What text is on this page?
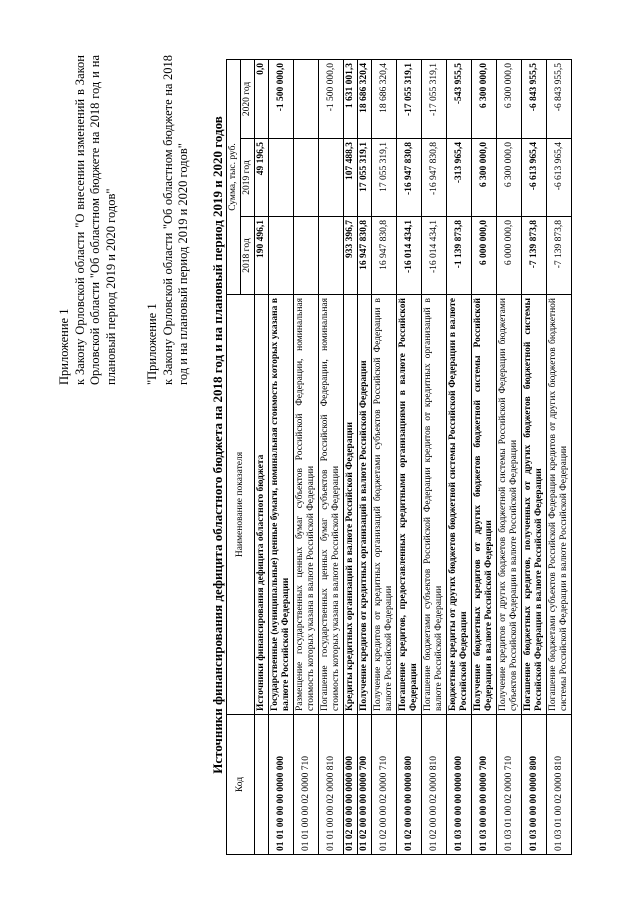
Приложение 1 к Закону Орловской области "О внесении изменений в Закон Орловской области "Об областном бюджете на 2018 год и на плановый период 2019 и 2020 годов" "Приложение 1 к Закону Орловской области "Об областном бюджете на 2018 год и на плановый период 2019 и 2020 годов" Источники финансирования дефицита областного бюджета на 2018 год и на плановый период 2019 и 2020 годов
Код	Наименование показателя	Сумма, тыс. руб.		
		2018 год	2019 год	2020 год
	Источники финансирования дефицита областного бюджета	190 496,1	49 196,5	0,0
01 01 00 00 00 0000 000	Государственные (муниципальные) ценные бумаги, номинальная стоимость которых указана в валюте Российской Федерации			-1 500 000,0
01 01 00 00 02 0000 710	Размещение государственных ценных бумаг субъектов Российской Федерации, номинальная стоимость которых указана в валюте Российской Федерации			
01 01 00 00 02 0000 810	Погашение государственных ценных бумаг субъектов Российской Федерации, номинальная стоимость которых указана в валюте Российской Федерации			-1 500 000,0
01 02 00 00 00 0000 000	Кредиты кредитных организаций в валюте Российской Федерации	933 396,7	107 488,3	1 631 001,3
01 02 00 00 00 0000 700	Получение кредитов от кредитных организаций в валюте Российской Федерации	16 947 830,8	17 055 319,1	18 686 320,4
01 02 00 00 02 0000 710	Получение кредитов от кредитных организаций бюджетами субъектов Российской Федерации в валюте Российской Федерации	16 947 830,8	17 055 319,1	18 686 320,4
01 02 00 00 00 0000 800	Погашение кредитов, предоставленных кредитными организациями в валюте Российской Федерации	-16 014 434,1	-16 947 830,8	-17 055 319,1
01 02 00 00 02 0000 810	Погашение бюджетами субъектов Российской Федерации кредитов от кредитных организаций в валюте Российской Федерации	-16 014 434,1	-16 947 830,8	-17 055 319,1
01 03 00 00 00 0000 000	Бюджетные кредиты от других бюджетов бюджетной системы Российской Федерации в валюте Российской Федерации	-1 139 873,8	-313 965,4	-543 955,5
01 03 00 00 00 0000 700	Получение бюджетных кредитов от других бюджетов бюджетной системы Российской Федерации в валюте Российской Федерации	6 000 000,0	6 300 000,0	6 300 000,0
01 03 01 00 02 0000 710	Получение кредитов от других бюджетов бюджетной системы Российской Федерации бюджетами субъектов Российской Федерации в валюте Российской Федерации	6 000 000,0	6 300 000,0	6 300 000,0
01 03 00 00 00 0000 800	Погашение бюджетных кредитов, полученных от других бюджетов бюджетной системы Российской Федерации в валюте Российской Федерации	-7 139 873,8	-6 613 965,4	-6 843 955,5
01 03 01 00 02 0000 810	Погашение бюджетами субъектов Российской Федерации кредитов от других бюджетов бюджетной системы Российской Федерации в валюте Российской Федерации	-7 139 873,8	-6 613 965,4	-6 843 955,5
